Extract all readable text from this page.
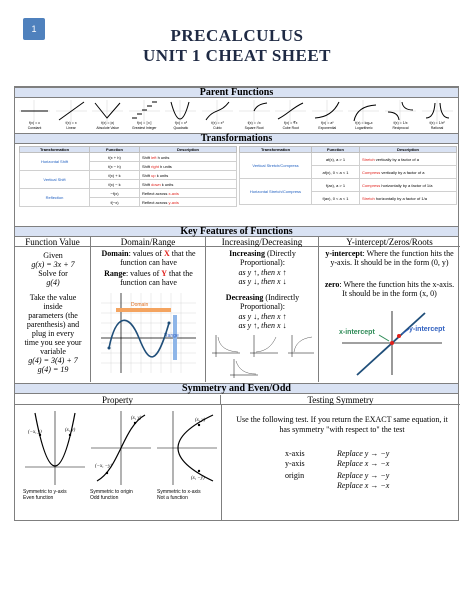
1	PRECALCULUS
UNIT 1 CHEAT SHEET
Parent Functions
f(x) = c
Constant
f(x) = x
Linear
f(x) = |x|
Absolute Value
f(x) = ⟦x⟧
Greatest Integer
f(x) = x²
Quadratic
f(x) = x³
Cubic
f(x) = √x
Square Root
f(x) = ∛x
Cube Root
f(x) = aˣ
Exponential
f(x) = logₐx
Logarithmic
f(x) = 1/x
Reciprocal
f(x) = 1/x²
Rational
Transformations
Transformation	Function	Description
Horizontal Shift	f(x + h)	Shift left h units
	f(x − h)	Shift right h units
Vertical Shift	f(x) + k	Shift up k units
	f(x) − k	Shift down k units
Reflection	−f(x)	Reflect across x-axis
	f(−x)	Reflect across y-axis
Transformation	Function	Description
Vertical Stretch/Compress	af(x), a > 1	Stretch vertically by a factor of a
	af(x), 0 < a < 1	Compress vertically by a factor of a
Horizontal Stretch/Compress	f(ax), a > 1	Compress horizontally by a factor of 1/a
	f(ax), 0 < a < 1	Stretch horizontally by a factor of 1/a
Key Features of Functions
Function Value	Domain/Range	Increasing/Decreasing	Y-intercept/Zeros/Roots
Given
g(x) = 3x + 7
Solve for
g(4)
Take the value
inside
parameters (the
parenthesis) and
plug in every
time you see your
variable
g(4) = 3(4) + 7
g(4) = 19
Domain: values of X that the function can have
Range: values of Y that the function can have
Domain
Range
Increasing (Directly Proportional):
as y ↑, then x ↑
as y ↓, then x ↓
Decreasing (Indirectly Proportional):
as y ↓, then x ↑
as y ↑, then x ↓
y-intercept: Where the function hits the y-axis. It should be in the form (0, y)
zero: Where the function hits the x-axis. It should be in the form (x, 0)
x-intercept	y-intercept
Symmetry and Even/Odd
Property	Testing Symmetry
(−x, y)	(x, y)
(x, y)
(−x, −y)
(x, y)
(x, −y)
Symmetric to y-axis
Even function
Symmetric to origin
Odd function
Symmetric to x-axis
Not a function
Use the following test. If you return the EXACT same equation, it has symmetry "with respect to" the test
x-axis	Replace y → −y
y-axis	Replace x → −x
origin	Replace y → −y
Replace x → −x
